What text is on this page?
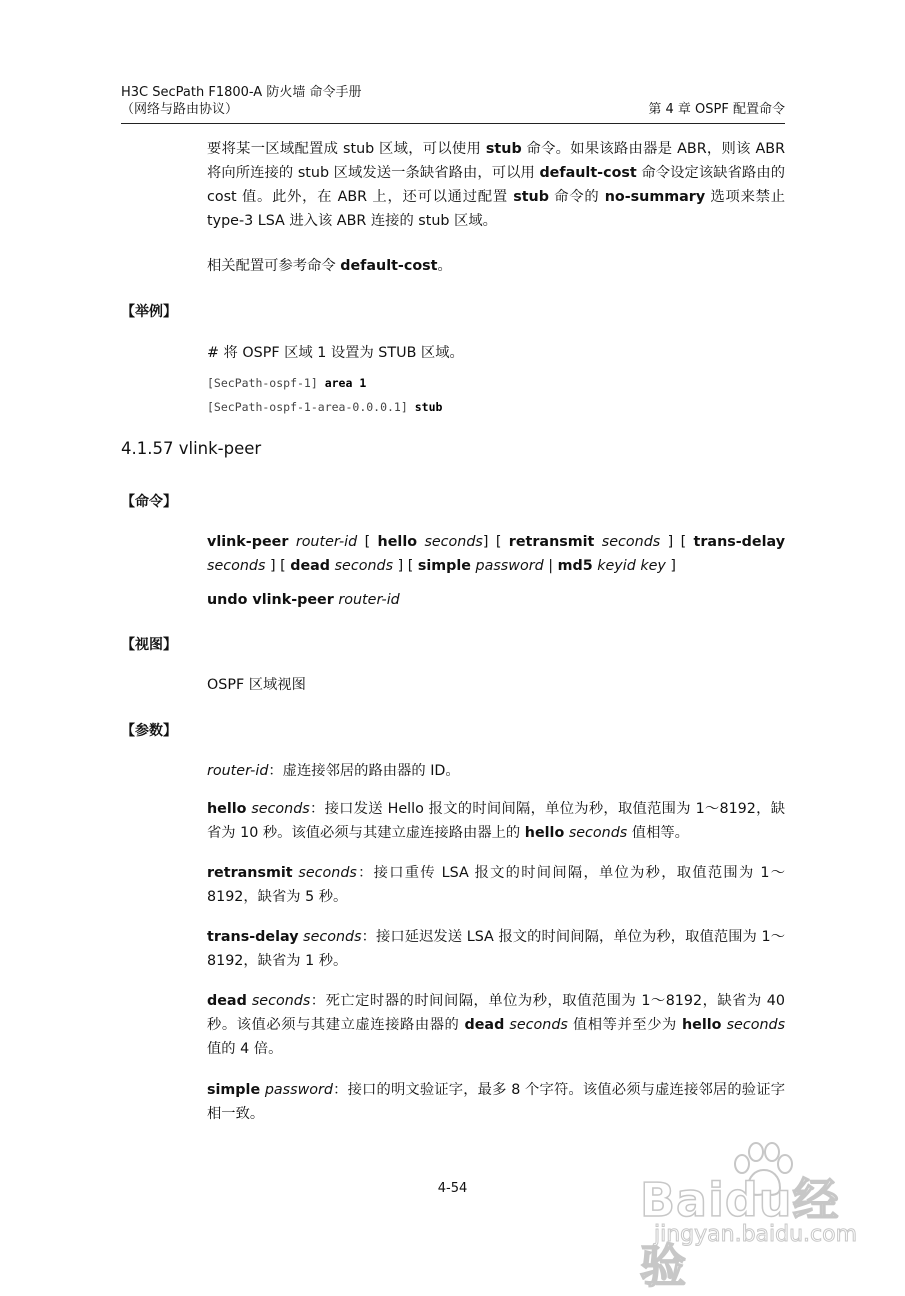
H3C SecPath F1800-A 防火墙 命令手册
（网络与路由协议）	第 4 章 OSPF 配置命令

要将某一区域配置成 stub 区域，可以使用 stub 命令。如果该路由器是 ABR，则该 ABR 将向所连接的 stub 区域发送一条缺省路由，可以用 default-cost 命令设定该缺省路由的 cost 值。此外，在 ABR 上，还可以通过配置 stub 命令的 no-summary 选项来禁止 type-3 LSA 进入该 ABR 连接的 stub 区域。

相关配置可参考命令 default-cost。

【举例】

# 将 OSPF 区域 1 设置为 STUB 区域。

[SecPath-ospf-1] area 1
[SecPath-ospf-1-area-0.0.0.1] stub
4.1.57 vlink-peer
【命令】

vlink-peer router-id [ hello seconds] [ retransmit seconds ] [ trans-delay seconds ] [ dead seconds ] [ simple password | md5 keyid key ]

undo vlink-peer router-id

【视图】

OSPF 区域视图

【参数】

router-id：虚连接邻居的路由器的 ID。

hello seconds：接口发送 Hello 报文的时间间隔，单位为秒，取值范围为 1～8192，缺省为 10 秒。该值必须与其建立虚连接路由器上的 hello seconds 值相等。

retransmit seconds：接口重传 LSA 报文的时间间隔，单位为秒，取值范围为 1～8192，缺省为 5 秒。

trans-delay seconds：接口延迟发送 LSA 报文的时间间隔，单位为秒，取值范围为 1～8192，缺省为 1 秒。

dead seconds：死亡定时器的时间间隔，单位为秒，取值范围为 1～8192，缺省为 40 秒。该值必须与其建立虚连接路由器的 dead seconds 值相等并至少为 hello seconds 值的 4 倍。

simple password：接口的明文验证字，最多 8 个字符。该值必须与虚连接邻居的验证字相一致。

4-54	Baidu经验
jingyan.baidu.com
